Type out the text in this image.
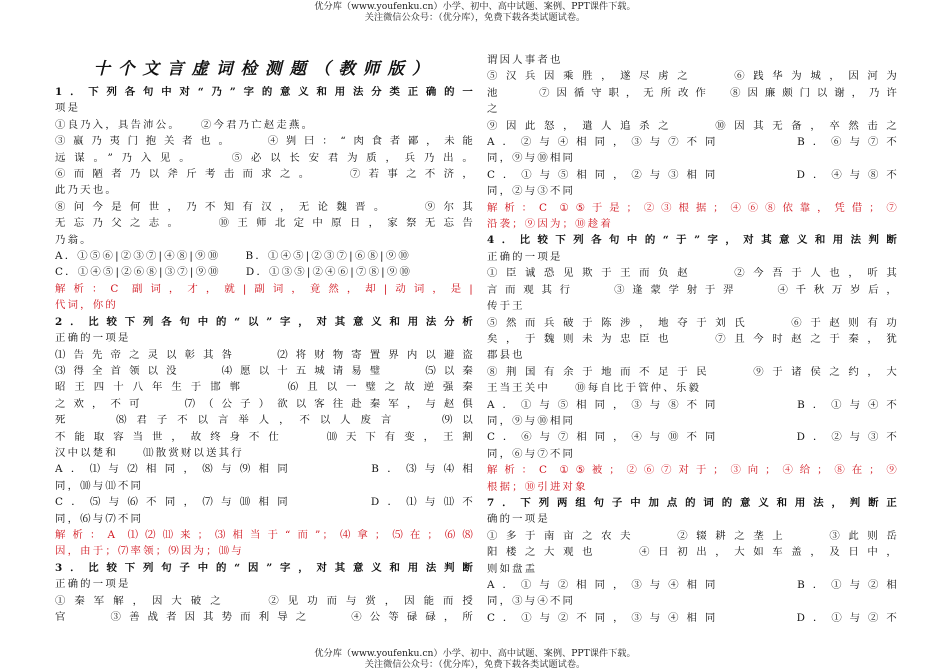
优分库（www.youfenku.cn）小学、初中、高中试题、案例、PPT课件下载。
关注微信公众号：（优分库），免费下载各类试题试卷。
十个文言虚词检测题（教师版）
1．下列各句中对“乃”字的意义和用法分类正确的一
项是
①良乃入，具告沛公。　　②今君乃亡赵走燕。
③嬴乃夷门抱关者也。　　④刿曰：“肉食者鄙，未能
远谋。”乃入见。　　⑤必以长安君为质，兵乃出。
⑥而陋者乃以斧斤考击而求之。　　⑦若事之不济，
此乃天也。
⑧问今是何世，乃不知有汉，无论魏晋。　　⑨尔其
无忘乃父之志。　　⑩王师北定中原日，家祭无忘告
乃翁。
A．①⑤⑥|②③⑦|④⑧|⑨⑩　　B．①④⑤|②③⑦|⑥⑧|⑨⑩
C．①④⑤|②⑥⑧|③⑦|⑨⑩　　D．①③⑤|②④⑥|⑦⑧|⑨⑩
解析：C 副词，才，就|副词，竟然，却|动词，是|
代词，你的
2．比较下列各句中的“以”字，对其意义和用法分析
正确的一项是
⑴告先帝之灵以彰其咎　　⑵将财物寄置界内以避盗
⑶得全首领以没　　⑷愿以十五城请易璧　　⑸以秦
昭王四十八年生于邯郸　　⑹且以一璧之故逆强秦
之欢，不可　　⑺（公子）欲以客往赴秦军，与赵俱
死　　⑻君子不以言举人，不以人废言　　⑼以
不能取容当世，故终身不仕　　⑽天下有变，王割
汉中以楚和　　⑾散赏财以送其行
A．⑴与⑵相同，⑻与⑼相同　　　　B．⑶与⑷相
同，⑽与⑾不同
C．⑸与⑹不同，⑺与⑽相同　　　　D．⑴与⑾不
同，⑹与⑺不同
解析：A ⑴⑵⑾来；⑶相当于“而”；⑷拿；⑸在；⑹⑻
因，由于；⑺率领；⑼因为；⑽与
3．比较下列句子中的“因”字，对其意义和用法判断
正确的一项是
①秦军解，因大破之　　②见功而与赏，因能而授
官　　③善战者因其势而利导之　　④公等碌碌，所
谓因人事者也
⑤汉兵因乘胜，遂尽虏之　　⑥践华为城，因河为
池　　⑦因循守职，无所改作　⑧因廉颇门以谢，乃许
之
⑨因此怒，遣人追杀之　　⑩因其无备，卒然击之
A．②与④相同，③与⑦不同　　　　B．⑥与⑦不
同，⑨与⑩相同
C．①与⑤相同，②与③相同　　　　D．④与⑧不
同，②与③不同
解析：C ①⑤于是；②③根据；④⑥⑧依靠，凭借；⑦
沿袭；⑨因为；⑩趁着
4．比较下列各句中的“于”字，对其意义和用法判断
正确的一项是
①臣诚恐见欺于王而负赵　　②今吾于人也，听其
言而观其行　　③逢蒙学射于羿　　④千秋万岁后，
传于王
⑤然而兵破于陈涉，地夺于刘氏　　⑥于赵则有功
矣，于魏则未为忠臣也　　⑦且今时赵之于秦，犹
郡县也
⑧荆国有余于地而不足于民　　⑨于诸侯之约，大
王当王关中　　⑩每自比于管仲、乐毅
A．①与⑤相同，③与⑧不同　　　　B．①与④不
同，⑨与⑩相同
C．⑥与⑦相同，④与⑩不同　　　　D．②与③不
同，⑥与⑦不同
解析：C ①⑤被；②⑥⑦对于；③向；④给；⑧在；⑨
根据；⑩引进对象
7．下列两组句子中加点的词的意义和用法，判断正
确的一项是
①多于南亩之农夫　　②辍耕之垄上　　③此则岳
阳楼之大观也　　④日初出，大如车盖，及日中，
则如盘盂
A．①与②相同，③与④相同　　　　B．①与②相
同，③与④不同
C．①与②不同，③与④相同　　　　D．①与②不
优分库（www.youfenku.cn）小学、初中、高中试题、案例、PPT课件下载。
关注微信公众号：（优分库），免费下载各类试题试卷。
